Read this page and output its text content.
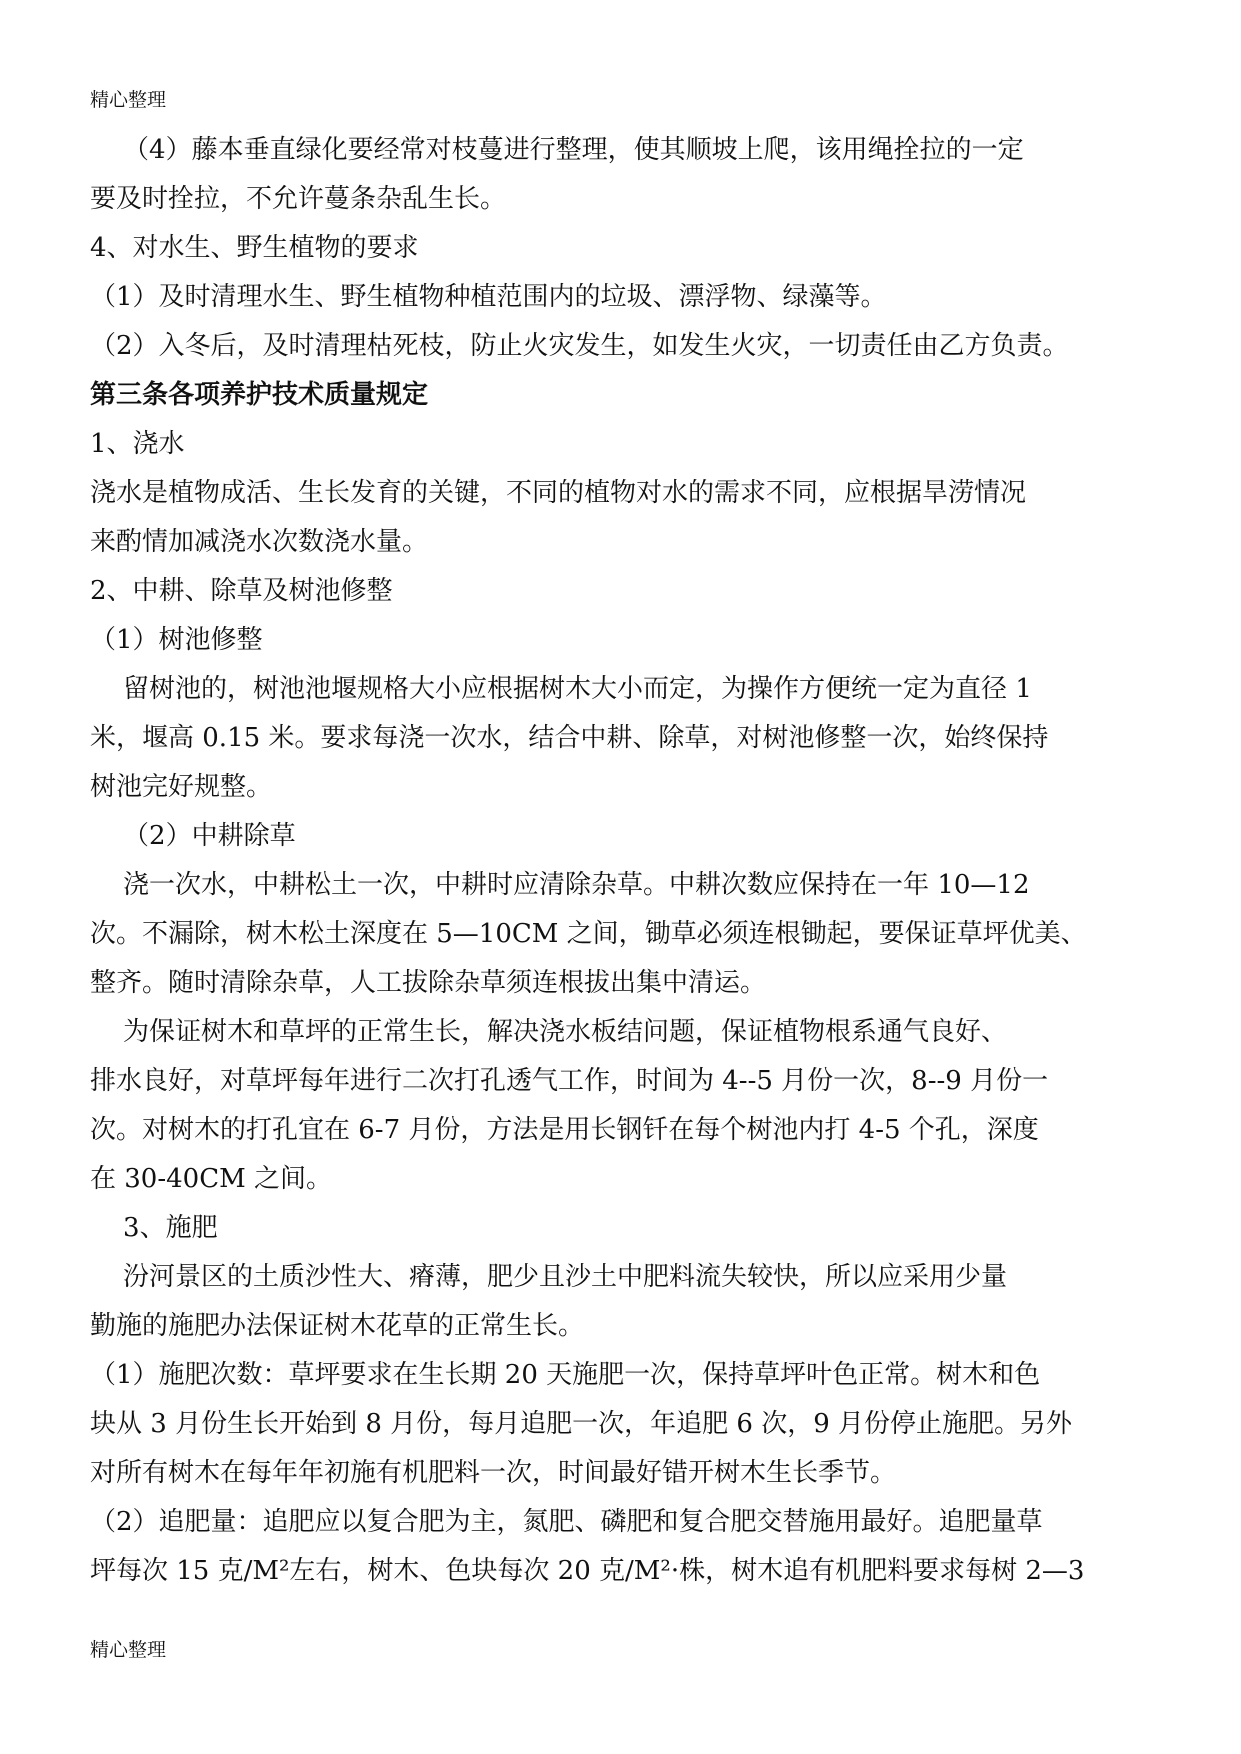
精心整理
（4）藤本垂直绿化要经常对枝蔓进行整理，使其顺坡上爬，该用绳拴拉的一定
要及时拴拉，不允许蔓条杂乱生长。
4、对水生、野生植物的要求
（1）及时清理水生、野生植物种植范围内的垃圾、漂浮物、绿藻等。
（2）入冬后，及时清理枯死枝，防止火灾发生，如发生火灾，一切责任由乙方负责。
第三条各项养护技术质量规定
1、浇水
浇水是植物成活、生长发育的关键，不同的植物对水的需求不同，应根据旱涝情况
来酌情加减浇水次数浇水量。
2、中耕、除草及树池修整
（1）树池修整
留树池的，树池池堰规格大小应根据树木大小而定，为操作方便统一定为直径 1
米，堰高 0.15 米。要求每浇一次水，结合中耕、除草，对树池修整一次，始终保持
树池完好规整。
（2）中耕除草
浇一次水，中耕松土一次，中耕时应清除杂草。中耕次数应保持在一年 10—12
次。不漏除，树木松土深度在 5—10CM 之间，锄草必须连根锄起，要保证草坪优美、
整齐。随时清除杂草，人工拔除杂草须连根拔出集中清运。
为保证树木和草坪的正常生长，解决浇水板结问题，保证植物根系通气良好、
排水良好，对草坪每年进行二次打孔透气工作，时间为 4--5 月份一次，8--9 月份一
次。对树木的打孔宜在 6-7 月份，方法是用长钢钎在每个树池内打 4-5 个孔，深度
在 30-40CM 之间。
3、施肥
汾河景区的土质沙性大、瘠薄，肥少且沙土中肥料流失较快，所以应采用少量
勤施的施肥办法保证树木花草的正常生长。
（1）施肥次数：草坪要求在生长期 20 天施肥一次，保持草坪叶色正常。树木和色
块从 3 月份生长开始到 8 月份，每月追肥一次，年追肥 6 次，9 月份停止施肥。另外
对所有树木在每年年初施有机肥料一次，时间最好错开树木生长季节。
（2）追肥量：追肥应以复合肥为主，氮肥、磷肥和复合肥交替施用最好。追肥量草
坪每次 15 克/M²左右，树木、色块每次 20 克/M²·株，树木追有机肥料要求每树 2—3
精心整理
